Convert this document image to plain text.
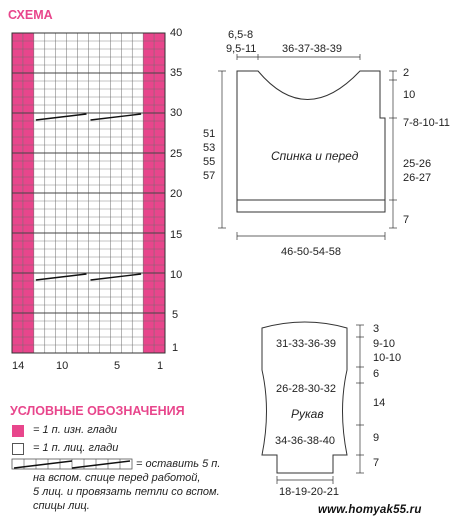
СХЕМА
40
35
30
25
20
15
10
5
1
14	10	5	1
УСЛОВНЫЕ ОБОЗНАЧЕНИЯ
= 1 п. изн. глади
= 1 п. лиц. глади
= оставить 5 п.
на вспом. спице перед работой,
5 лиц. и провязать петли со вспом.
спицы лиц.
6,5-8
9,5-11 36-37-38-39
2
10
7-8-10-11
25-26
26-27
7
51
53
55
57
Спинка и перед
46-50-54-58
31-33-36-39
26-28-30-32
Рукав
34-36-38-40
18-19-20-21
3
9-10
10-10
6
14
9
7
www.homyak55.ru
